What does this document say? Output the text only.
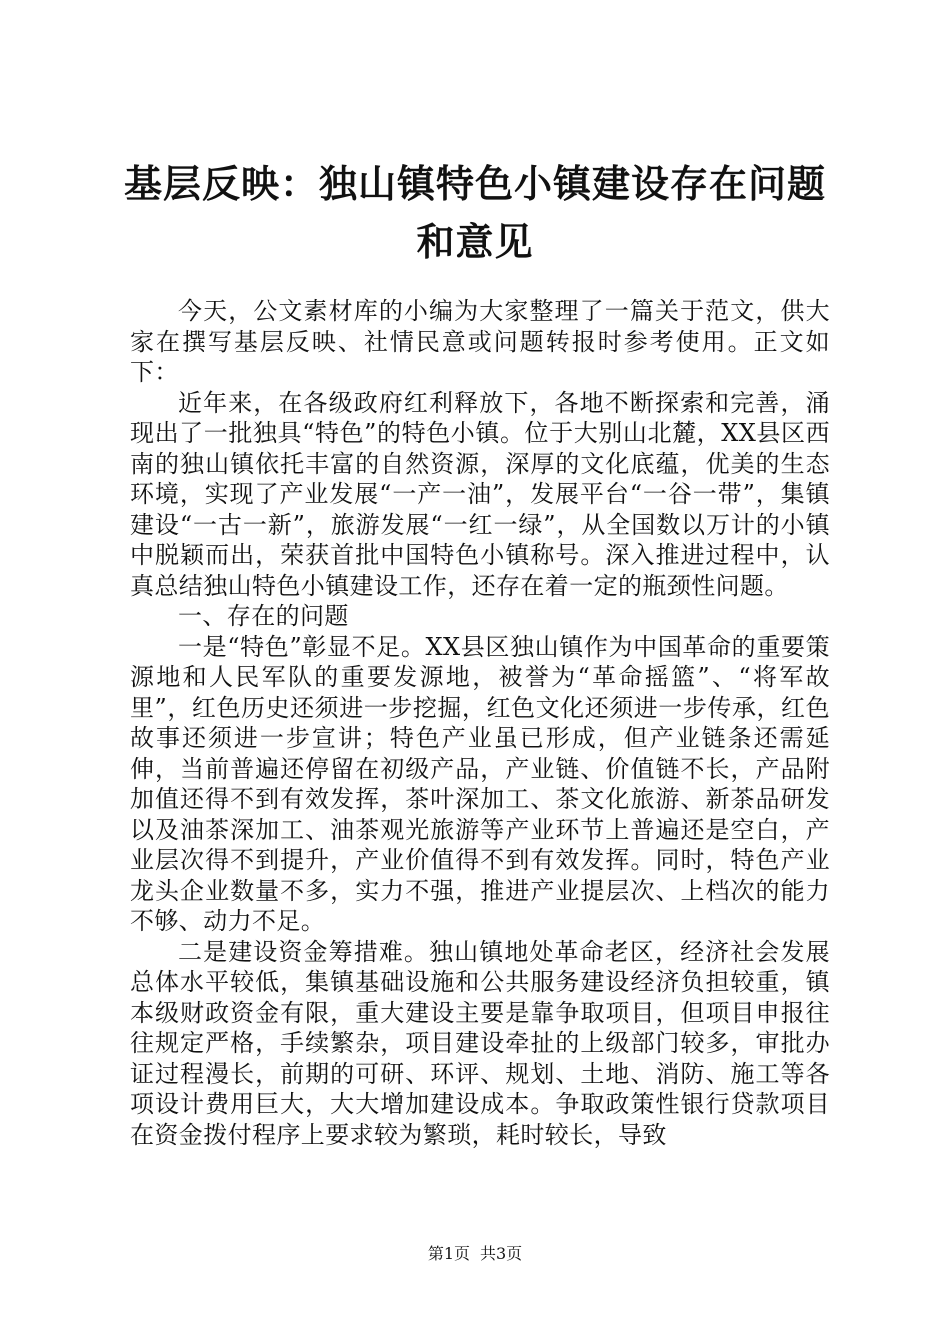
基层反映：独山镇特色小镇建设存在问题和意见

今天，公文素材库的小编为大家整理了一篇关于范文，供大家在撰写基层反映、社情民意或问题转报时参考使用。正文如下：

近年来，在各级政府红利释放下，各地不断探索和完善，涌现出了一批独具“特色”的特色小镇。位于大别山北麓，XX县区西南的独山镇依托丰富的自然资源，深厚的文化底蕴，优美的生态环境，实现了产业发展“一产一油”，发展平台“一谷一带”，集镇建设“一古一新”，旅游发展“一红一绿”，从全国数以万计的小镇中脱颖而出，荣获首批中国特色小镇称号。深入推进过程中，认真总结独山特色小镇建设工作，还存在着一定的瓶颈性问题。

一、存在的问题

一是“特色”彰显不足。XX县区独山镇作为中国革命的重要策源地和人民军队的重要发源地，被誉为“革命摇篮”、“将军故里”，红色历史还须进一步挖掘，红色文化还须进一步传承，红色故事还须进一步宣讲；特色产业虽已形成，但产业链条还需延伸，当前普遍还停留在初级产品，产业链、价值链不长，产品附加值还得不到有效发挥，茶叶深加工、茶文化旅游、新茶品研发以及油茶深加工、油茶观光旅游等产业环节上普遍还是空白，产业层次得不到提升，产业价值得不到有效发挥。同时，特色产业龙头企业数量不多，实力不强，推进产业提层次、上档次的能力不够、动力不足。

二是建设资金筹措难。独山镇地处革命老区，经济社会发展总体水平较低，集镇基础设施和公共服务建设经济负担较重，镇本级财政资金有限，重大建设主要是靠争取项目，但项目申报往往规定严格，手续繁杂，项目建设牵扯的上级部门较多，审批办证过程漫长，前期的可研、环评、规划、土地、消防、施工等各项设计费用巨大，大大增加建设成本。争取政策性银行贷款项目在资金拨付程序上要求较为繁琐，耗时较长，导致

第1页 共3页
